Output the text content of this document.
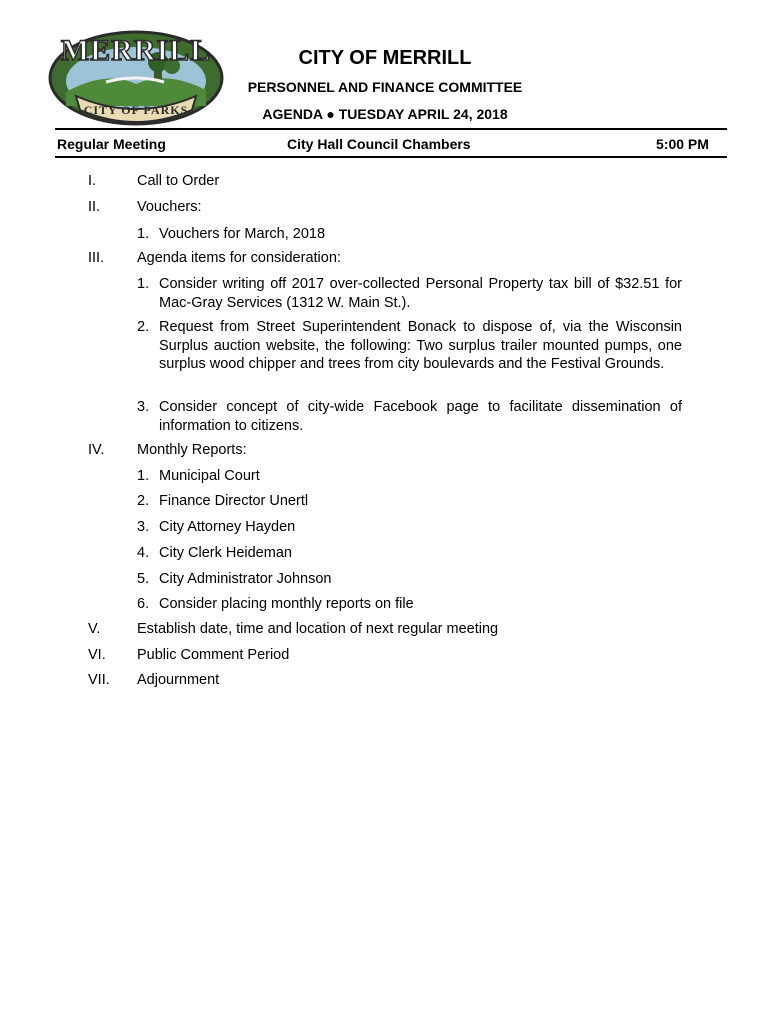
CITY OF PARKS
MERRILL	CITY OF MERRILL
PERSONNEL AND FINANCE COMMITTEE
AGENDA ● TUESDAY APRIL 24, 2018
Regular Meeting	City Hall Council Chambers	5:00 PM
I.	Call to Order
II.	Vouchers:
1. Vouchers for March, 2018
III. Agenda items for consideration:
1. Consider writing off 2017 over-collected Personal Property tax bill of $32.51 for Mac-Gray Services (1312 W. Main St.).
2. Request from Street Superintendent Bonack to dispose of, via the Wisconsin Surplus auction website, the following: Two surplus trailer mounted pumps, one surplus wood chipper and trees from city boulevards and the Festival Grounds.
3. Consider concept of city-wide Facebook page to facilitate dissemination of information to citizens.
IV. Monthly Reports:
1. Municipal Court
2. Finance Director Unertl
3. City Attorney Hayden
4. City Clerk Heideman
5. City Administrator Johnson
6. Consider placing monthly reports on file
V.	Establish date, time and location of next regular meeting
VI. Public Comment Period
VII. Adjournment
